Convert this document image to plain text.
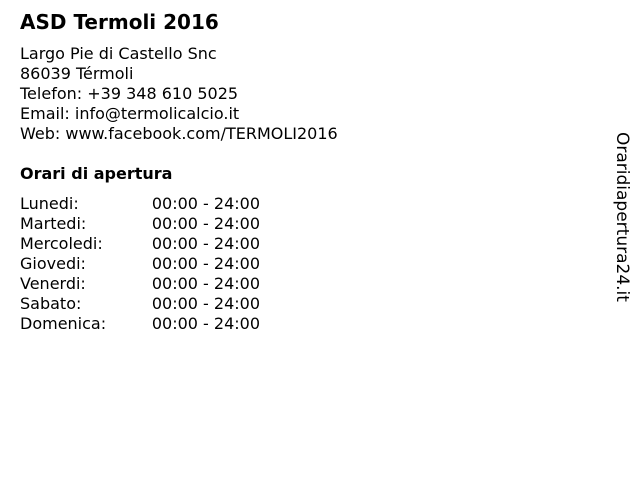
ASD Termoli 2016
Largo Pie di Castello Snc
86039 Térmoli
Telefon: +39 348 610 5025
Email: info@termolicalcio.it
Web: www.facebook.com/TERMOLI2016
Orari di apertura
Lunedi:	00:00 - 24:00
Martedi:	00:00 - 24:00
Mercoledi:	00:00 - 24:00
Giovedi:	00:00 - 24:00
Venerdi:	00:00 - 24:00
Sabato:	00:00 - 24:00
Domenica:	00:00 - 24:00
Oraridiapertura24.it
